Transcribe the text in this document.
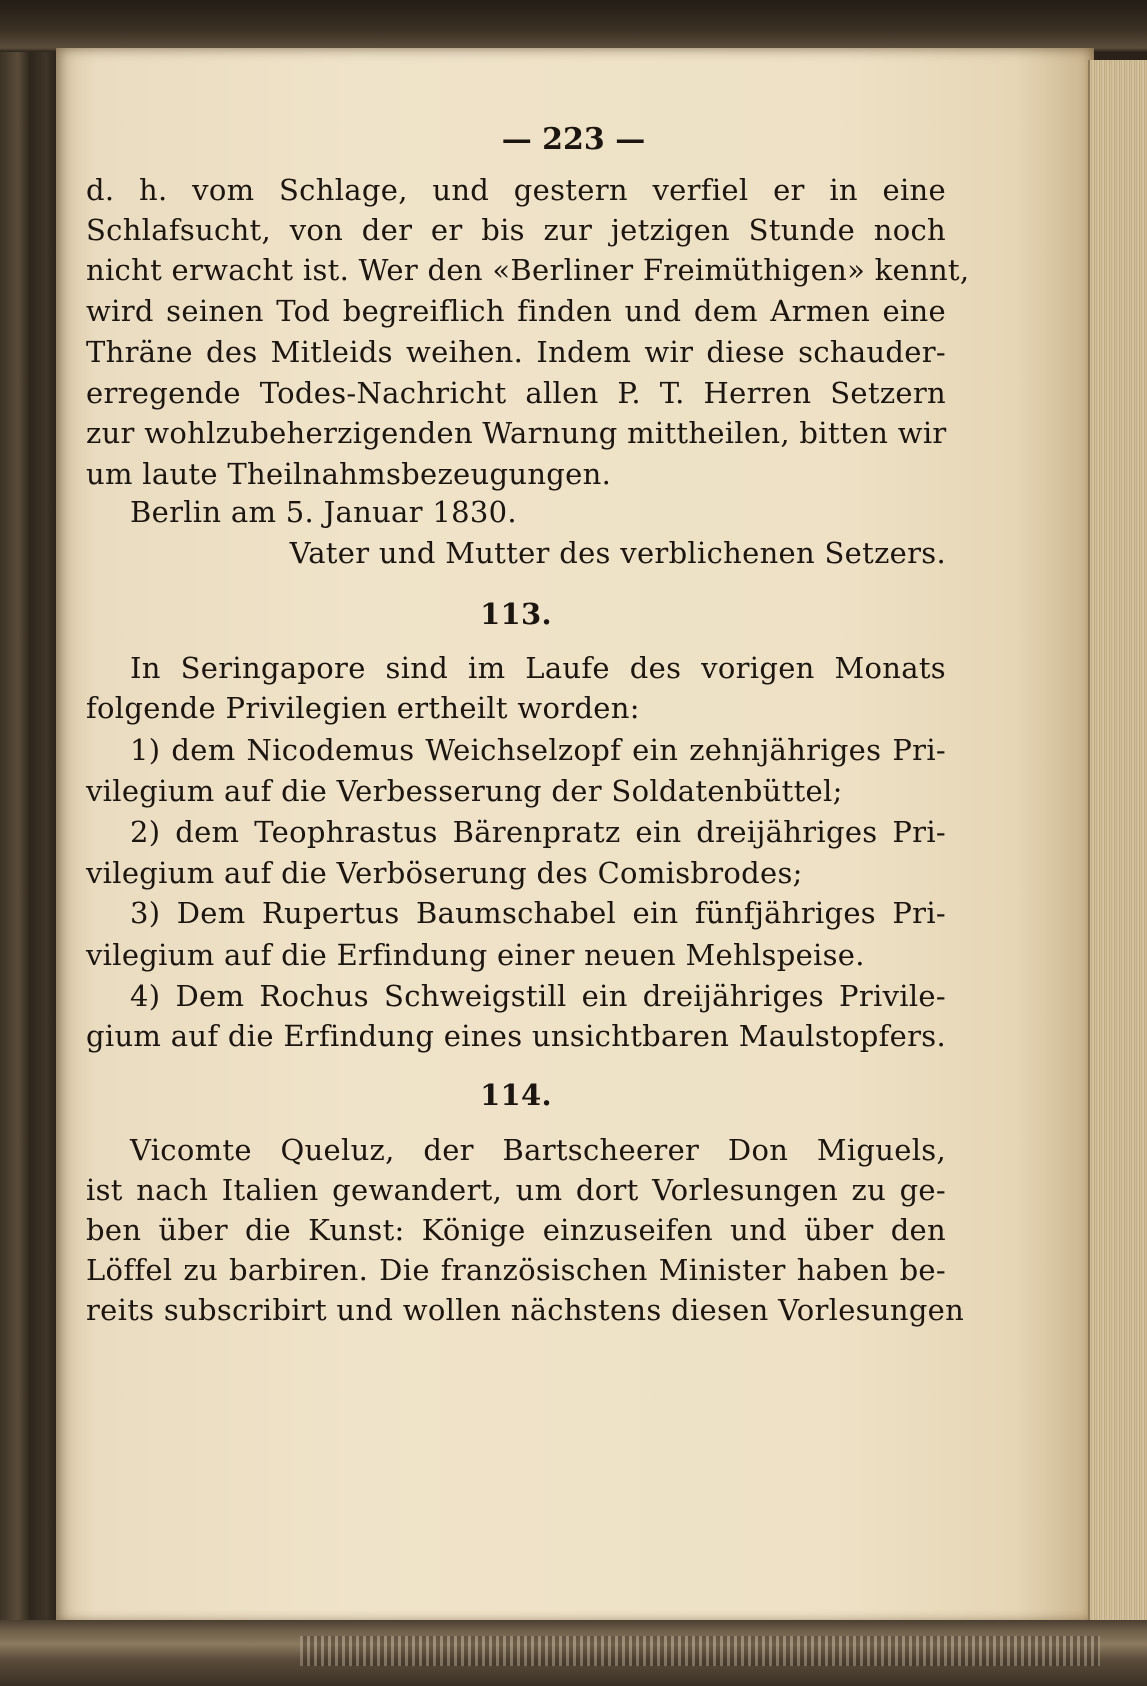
— 223 —
d. h. vom Schlage, und gestern verfiel er in eine
Schlafsucht, von der er bis zur jetzigen Stunde noch
nicht erwacht ist. Wer den «Berliner Freimüthigen» kennt,
wird seinen Tod begreiflich finden und dem Armen eine
Thräne des Mitleids weihen. Indem wir diese schauder-
erregende Todes-Nachricht allen P. T. Herren Setzern
zur wohlzubeherzigenden Warnung mittheilen, bitten wir
um laute Theilnahmsbezeugungen.
Berlin am 5. Januar 1830.
Vater und Mutter des verblichenen Setzers.
113.
In Seringapore sind im Laufe des vorigen Monats
folgende Privilegien ertheilt worden:
1) dem Nicodemus Weichselzopf ein zehnjähriges Pri-
vilegium auf die Verbesserung der Soldatenbüttel;
2) dem Teophrastus Bärenpratz ein dreijähriges Pri-
vilegium auf die Verböserung des Comisbrodes;
3) Dem Rupertus Baumschabel ein fünfjähriges Pri-
vilegium auf die Erfindung einer neuen Mehlspeise.
4) Dem Rochus Schweigstill ein dreijähriges Privile-
gium auf die Erfindung eines unsichtbaren Maulstopfers.
114.
Vicomte Queluz, der Bartscheerer Don Miguels,
ist nach Italien gewandert, um dort Vorlesungen zu ge-
ben über die Kunst: Könige einzuseifen und über den
Löffel zu barbiren. Die französischen Minister haben be-
reits subscribirt und wollen nächstens diesen Vorlesungen
